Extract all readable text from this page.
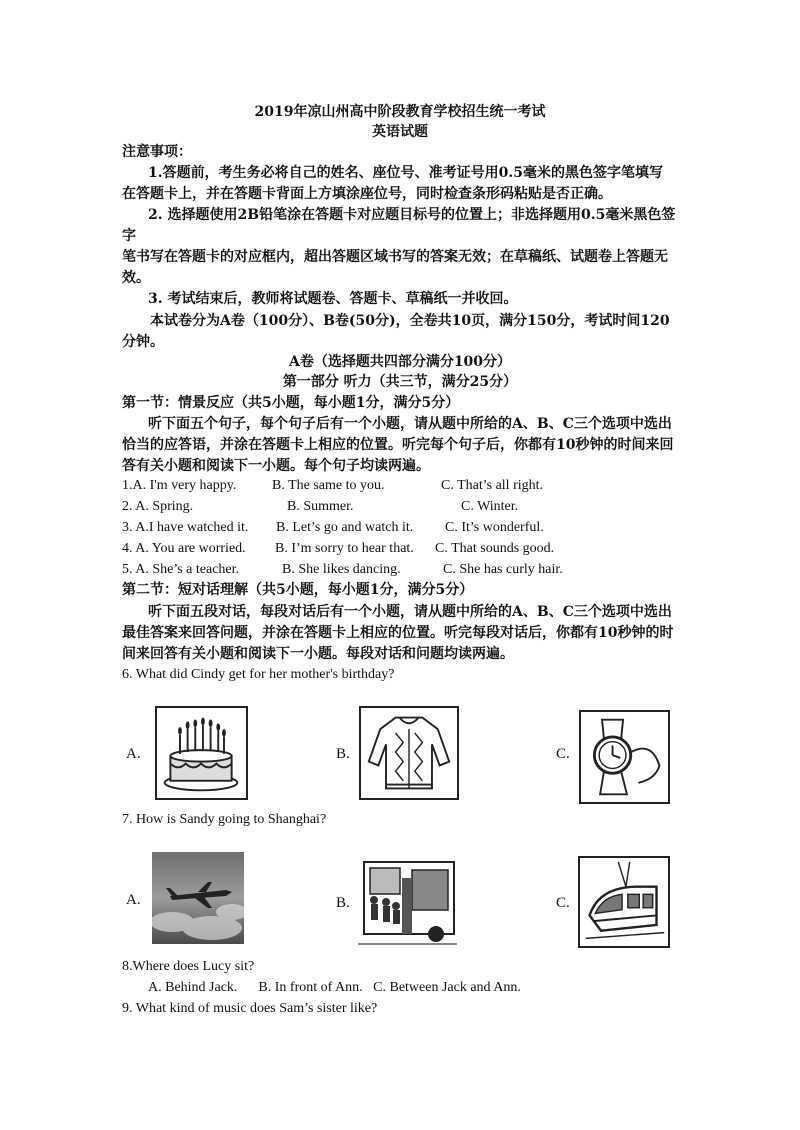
2019年凉山州高中阶段教育学校招生统一考试
英语试题
注意事项：
1.答题前，考生务必将自己的姓名、座位号、准考证号用0.5毫米的黑色签字笔填写
在答题卡上，并在答题卡背面上方填涂座位号，同时检查条形码粘贴是否正确。
2. 选择题使用2B铅笔涂在答题卡对应题目标号的位置上；非选择题用0.5毫米黑色签
字
笔书写在答题卡的对应框内，超出答题区域书写的答案无效；在草稿纸、试题卷上答题无
效。
3. 考试结束后，教师将试题卷、答题卡、草稿纸一并收回。
本试卷分为A卷（100分）、B卷(50分)，全卷共10页，满分150分，考试时间120
分钟。
A卷（选择题共四部分满分100分）
第一部分 听力（共三节，满分25分）
第一节：情景反应（共5小题，每小题1分，满分5分）
听下面五个句子，每个句子后有一个小题，请从题中所给的A、B、C三个选项中选出
恰当的应答语，并涂在答题卡上相应的位置。听完每个句子后，你都有10秒钟的时间来回
答有关小题和阅读下一小题。每个句子均读两遍。
1.A. I'm very happy.	B. The same to you.	C. That’s all right.
2. A. Spring.	B. Summer.	C. Winter.
3. A.I have watched it. B. Let’s go and watch it. C. It’s wonderful.
4. A. You are worried. B. I’m sorry to hear that. C. That sounds good.
5. A. She’s a teacher.	B. She likes dancing.	C. She has curly hair.
第二节：短对话理解（共5小题，每小题1分，满分5分）
听下面五段对话，每段对话后有一个小题，请从题中所给的A、B、C三个选项中选出
最佳答案来回答问题，并涂在答题卡上相应的位置。听完每段对话后，你都有10秒钟的时
间来回答有关小题和阅读下一小题。每段对话和问题均读两遍。
6. What did Cindy get for her mother's birthday?
A.	B.	C.
7. How is Sandy going to Shanghai?
A.	B.	C.
8.Where does Lucy sit?
A. Behind Jack.      B. In front of Ann.   C. Between Jack and Ann.
9. What kind of music does Sam’s sister like?
